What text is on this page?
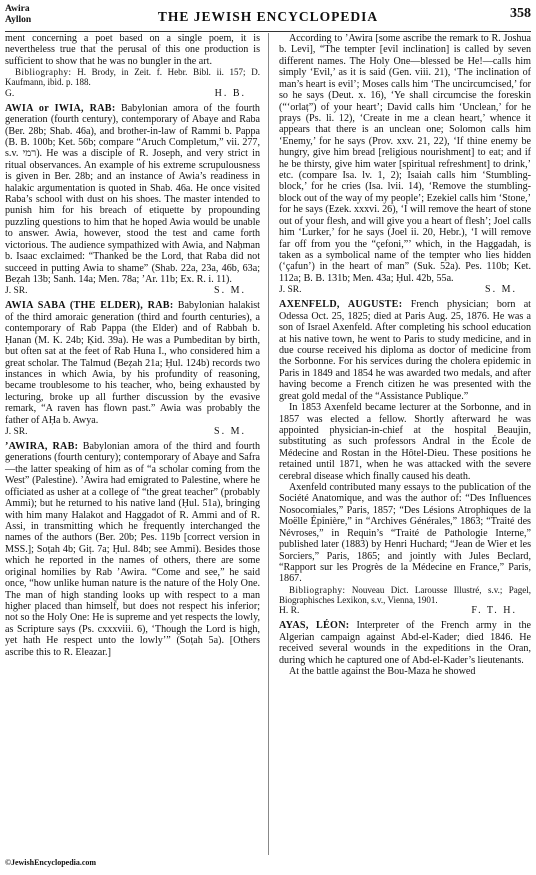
Awira
Ayllon	THE JEWISH ENCYCLOPEDIA	358

ment concerning a poet based on a single poem, it is nevertheless true that the perusal of this one production is sufficient to show that he was no bungler in the art.

Bibliography: H. Brody, in Zeit. f. Hebr. Bibl. ii. 157; D. Kaufmann, ibid. p. 188.

G.	H. B.

AWIA or IWIA, RAB: Babylonian amora of the fourth generation (fourth century), contemporary of Abaye and Raba (Ber. 28b; Shab. 46a), and brother-in-law of Rammi b. Pappa (B. B. 100b; Ket. 56b; compare “Aruch Completum,” vii. 277, s.v. רמי). He was a disciple of R. Joseph, and very strict in ritual observances. An example of his extreme scrupulousness is given in Ber. 28b; and an instance of Awia’s readiness in halakic argumentation is quoted in Shab. 46a. He once visited Raba’s school with dust on his shoes. The master intended to punish him for his breach of etiquette by propounding puzzling questions to him that he hoped Awia would be unable to answer. Awia, however, stood the test and came forth victorious. The audience sympathized with Awia, and Naḥman b. Isaac exclaimed: “Thanked be the Lord, that Raba did not succeed in putting Awia to shame” (Shab. 22a, 23a, 46b, 63a; Beẓah 13b; Sanh. 14a; Men. 78a; ’Ar. 11b; Ex. R. i. 11).

J. SR.	S. M.

AWIA SABA (THE ELDER), RAB: Babylonian halakist of the third amoraic generation (third and fourth centuries), a contemporary of Rab Pappa (the Elder) and of Rabbah b. Ḥanan (M. K. 24b; Ḳid. 39a). He was a Pumbeditan by birth, but often sat at the feet of Rab Huna I., who considered him a great scholar. The Talmud (Beẓah 21a; Ḥul. 124b) records two instances in which Awia, by his profundity of reasoning, became troublesome to his teacher, who, being exhausted by lecturing, broke up all further discussion by the evasive remark, “A raven has flown past.” Awia was probably the father of AḤa b. Awya.

J. SR.	S. M.

’AWIRA, RAB: Babylonian amora of the third and fourth generations (fourth century); contemporary of Abaye and Safra—the latter speaking of him as of “a scholar coming from the West” (Palestine). ’Awira had emigrated to Palestine, where he officiated as usher at a college of “the great teacher” (probably Ammi); but he returned to his native land (Ḥul. 51a), bringing with him many Halakot and Haggadot of R. Ammi and of R. Assi, in transmitting which he frequently interchanged the names of the authors (Ber. 20b; Pes. 119b [correct version in MSS.]; Soṭah 4b; Giṭ. 7a; Ḥul. 84b; see Ammi). Besides those which he reported in the names of others, there are some original homilies by Rab ’Awira. “Come and see,” he said once, “how unlike human nature is the nature of the Holy One. The man of high standing looks up with respect to a man higher placed than himself, but does not respect his inferior; not so the Holy One: He is supreme and yet respects the lowly, as Scripture says (Ps. cxxxviii. 6), ‘Though the Lord is high, yet hath He respect unto the lowly’” (Soṭah 5a). [Others ascribe this to R. Eleazar.]

According to ’Awira [some ascribe the remark to R. Joshua b. Levi], “The tempter [evil inclination] is called by seven different names. The Holy One—blessed be He!—calls him simply ‘Evil,’ as it is said (Gen. viii. 21), ‘The inclination of man’s heart is evil’; Moses calls him ‘The uncircumcised,’ for so he says (Deut. x. 16), ‘Ye shall circumcise the foreskin (“‘orlaṭ”) of your heart’; David calls him ‘Unclean,’ for he prays (Ps. li. 12), ‘Create in me a clean heart,’ whence it appears that there is an unclean one; Solomon calls him ‘Enemy,’ for he says (Prov. xxv. 21, 22), ‘If thine enemy be hungry, give him bread [religious nourishment] to eat; and if he be thirsty, give him water [spiritual refreshment] to drink,’ etc. (compare Isa. lv. 1, 2); Isaiah calls him ‘Stumbling-block,’ for he cries (Isa. lvii. 14), ‘Remove the stumbling-block out of the way of my people’; Ezekiel calls him ‘Stone,’ for he says (Ezek. xxxvi. 26), ‘I will remove the heart of stone out of your flesh, and will give you a heart of flesh’; Joel calls him ‘Lurker,’ for he says (Joel ii. 20, Hebr.), ‘I will remove far off from you the “çefoni,”’ which, in the Haggadah, is taken as a symbolical name of the tempter who lies hidden (‘çafun’) in the heart of man” (Suk. 52a). Pes. 110b; Ket. 112a; B. B. 131b; Men. 43a; Ḥul. 42b, 55a.

J. SR.	S. M.

AXENFELD, AUGUSTE: French physician; born at Odessa Oct. 25, 1825; died at Paris Aug. 25, 1876. He was a son of Israel Axenfeld. After completing his school education at his native town, he went to Paris to study medicine, and in due course received his diploma as doctor of medicine from the Sorbonne. For his services during the cholera epidemic in Paris in 1849 and 1854 he was awarded two medals, and after having become a French citizen he was presented with the great gold medal of the “Assistance Publique.”

In 1853 Axenfeld became lecturer at the Sorbonne, and in 1857 was elected a fellow. Shortly afterward he was appointed physician-in-chief at the hospital Beaujin, substituting as such professors Andral in the École de Médecine and Rostan in the Hôtel-Dieu. These positions he retained until 1871, when he was attacked with the severe cerebral disease which finally caused his death.

Axenfeld contributed many essays to the publication of the Société Anatomique, and was the author of: “Des Influences Nosocomiales,” Paris, 1857; “Des Lésions Atrophiques de la Moëlle Épinière,” in “Archives Générales,” 1863; “Traité des Névroses,” in Requin’s “Traité de Pathologie Interne,” published later (1883) by Henri Huchard; “Jean de Wier et les Sorciers,” Paris, 1865; and jointly with Jules Beclard, “Rapport sur les Progrès de la Médecine en France,” Paris, 1867.

Bibliography: Nouveau Dict. Larousse Illustré, s.v.; Pagel, Biographisches Lexikon, s.v., Vienna, 1901.

H. R.	F. T. H.

AYAS, LÉON: Interpreter of the French army in the Algerian campaign against Abd-el-Kader; died 1846. He received several wounds in the expeditions in the Oran, during which he captured one of Abd-el-Kader’s lieutenants.

At the battle against the Bou-Maza he showed

©JewishEncyclopedia.com
